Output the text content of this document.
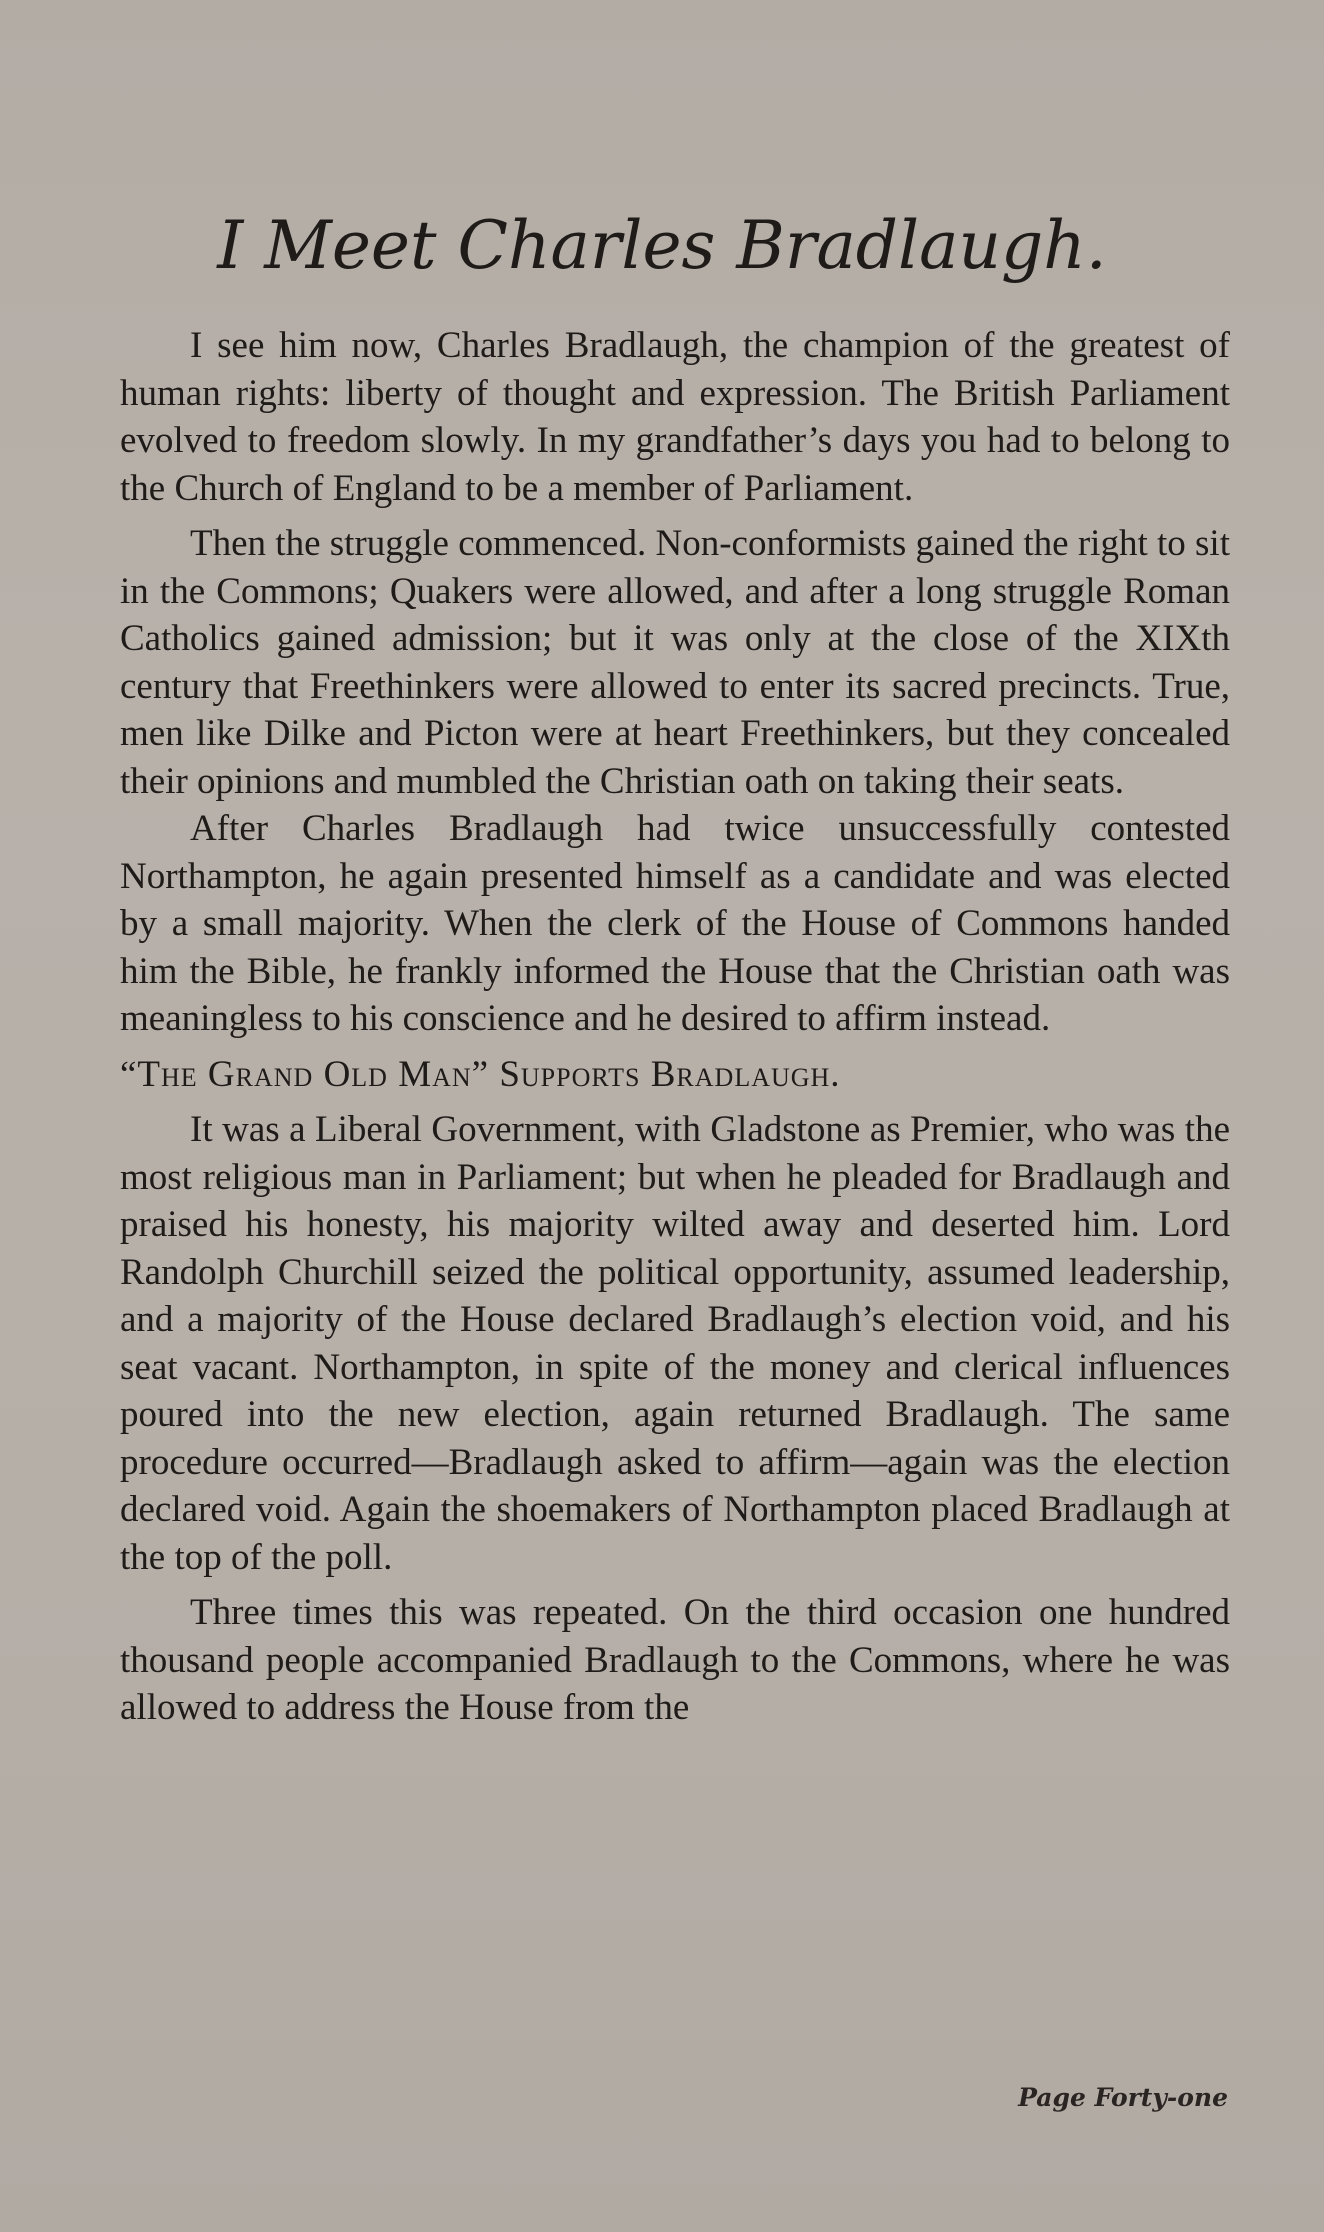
I Meet Charles Bradlaugh.

I see him now, Charles Bradlaugh, the champion of the greatest of human rights: liberty of thought and expression. The British Parliament evolved to freedom slowly. In my grandfather’s days you had to belong to the Church of England to be a member of Parliament.

Then the struggle commenced. Non-conformists gained the right to sit in the Commons; Quakers were allowed, and after a long struggle Roman Catholics gained admission; but it was only at the close of the XIXth century that Freethinkers were allowed to enter its sacred precincts. True, men like Dilke and Picton were at heart Freethinkers, but they concealed their opinions and mumbled the Christian oath on taking their seats.

After Charles Bradlaugh had twice unsuccessfully contested Northampton, he again presented himself as a candidate and was elected by a small majority. When the clerk of the House of Commons handed him the Bible, he frankly informed the House that the Christian oath was meaningless to his conscience and he desired to affirm instead.

“The Grand Old Man” Supports Bradlaugh.

It was a Liberal Government, with Gladstone as Premier, who was the most religious man in Parliament; but when he pleaded for Bradlaugh and praised his honesty, his majority wilted away and deserted him. Lord Randolph Churchill seized the political opportunity, assumed leadership, and a majority of the House declared Bradlaugh’s election void, and his seat vacant. Northampton, in spite of the money and clerical influences poured into the new election, again returned Bradlaugh. The same procedure occurred—Bradlaugh asked to affirm—again was the election declared void. Again the shoemakers of Northampton placed Bradlaugh at the top of the poll.

Three times this was repeated. On the third occasion one hundred thousand people accompanied Bradlaugh to the Commons, where he was allowed to address the House from the

Page Forty-one
